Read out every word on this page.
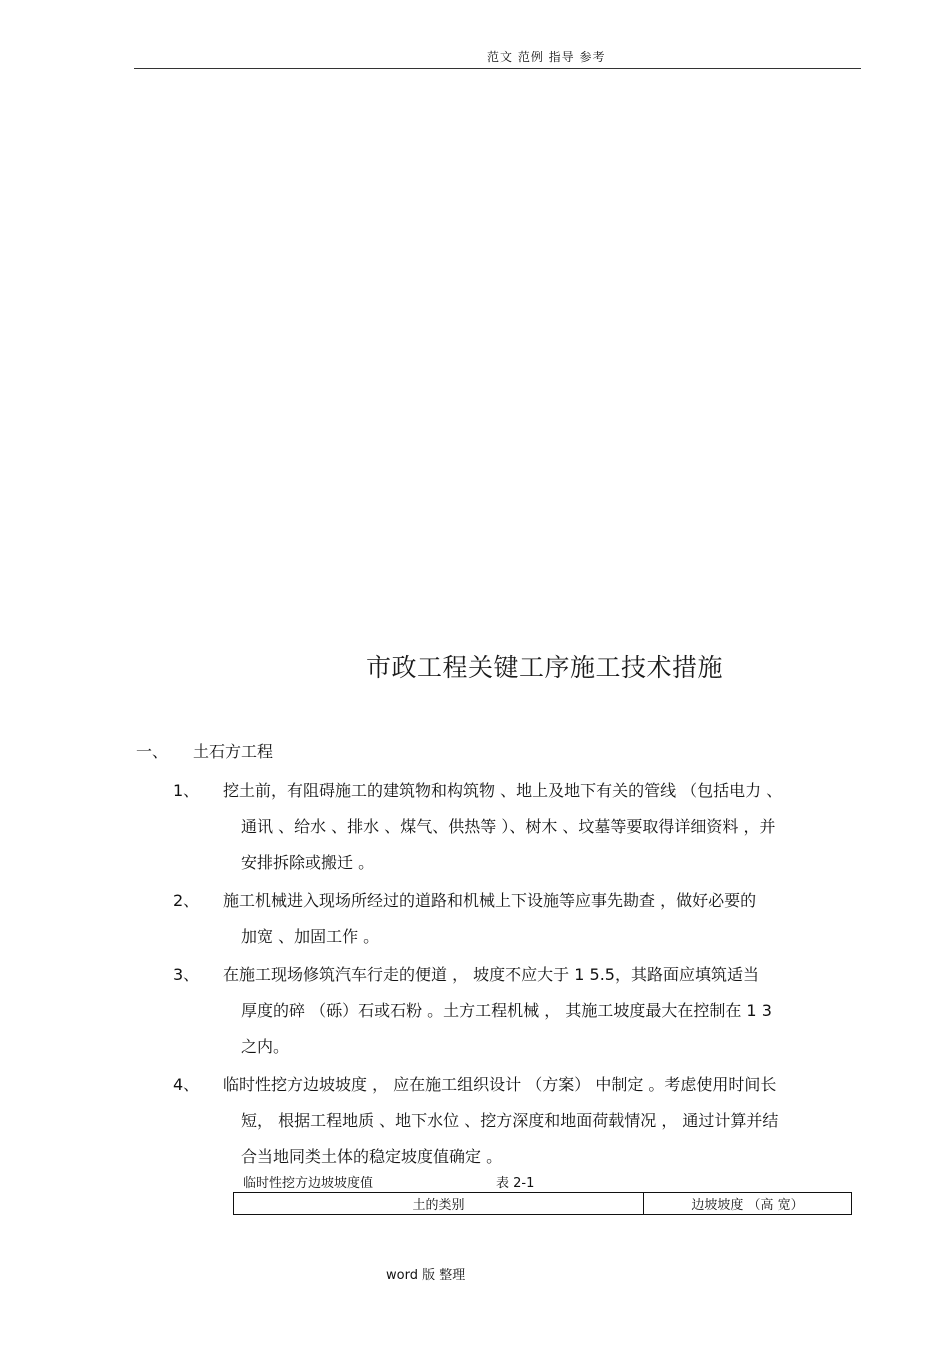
范文 范例 指导 参考
市政工程关键工序施工技术措施
一、 土石方工程
1、 挖土前，有阻碍施工的建筑物和构筑物 、地上及地下有关的管线 （包括电力 、
通讯 、给水 、排水 、煤气、供热等 ）、树木 、坟墓等要取得详细资料 ，并
安排拆除或搬迁 。
2、 施工机械进入现场所经过的道路和机械上下设施等应事先勘查 ，做好必要的
加宽 、加固工作 。
3、 在施工现场修筑汽车行走的便道 ， 坡度不应大于 1 5.5，其路面应填筑适当
厚度的碎 （砾）石或石粉 。土方工程机械 ， 其施工坡度最大在控制在 1 3
之内。
4、 临时性挖方边坡坡度 ， 应在施工组织设计 （方案） 中制定 。考虑使用时间长
短， 根据工程地质 、地下水位 、挖方深度和地面荷载情况 ， 通过计算并结
合当地同类土体的稳定坡度值确定 。
临时性挖方边坡坡度值	表 2-1
土的类别	边坡坡度 （高 宽）
word 版 整理
